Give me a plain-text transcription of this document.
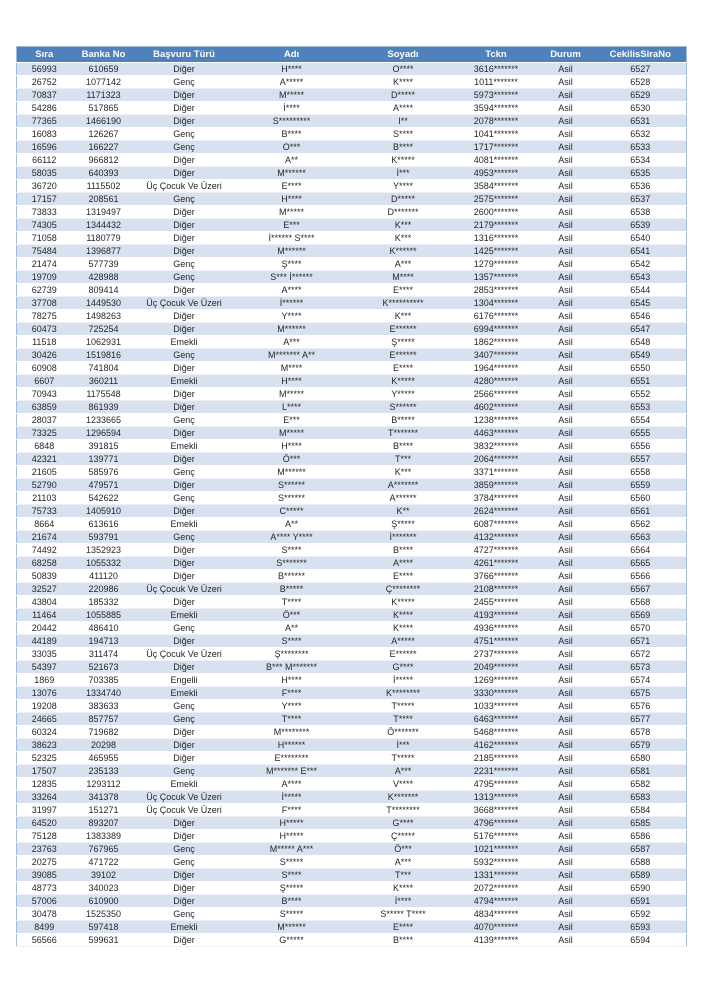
Sıra	Banka No	Başvuru Türü	Adı	Soyadı	Tckn	Durum	CekilisSiraNo
56993	610659	Diğer	H****	O****	3616*******	Asil	6527
26752	1077142	Genç	A*****	K****	1011*******	Asil	6528
70837	1171323	Diğer	M*****	D*****	5973*******	Asil	6529
54286	517865	Diğer	İ****	A****	3594*******	Asil	6530
77365	1466190	Diğer	S*********	I**	2078*******	Asil	6531
16083	126267	Genç	B****	S****	1041*******	Asil	6532
16596	166227	Genç	O***	B****	1717*******	Asil	6533
66112	966812	Diğer	A**	K*****	4081*******	Asil	6534
58035	640393	Diğer	M******	İ***	4953*******	Asil	6535
36720	1115502	Üç Çocuk Ve Üzeri	E****	Y****	3584*******	Asil	6536
17157	208561	Genç	H****	D*****	2575*******	Asil	6537
73833	1319497	Diğer	M*****	D*******	2600*******	Asil	6538
74305	1344432	Diğer	E***	K***	2179*******	Asil	6539
71058	1180779	Diğer	İ****** S****	K***	1316*******	Asil	6540
75484	1396877	Diğer	M******	K******	1425*******	Asil	6541
21474	577739	Genç	Ş****	A***	1279*******	Asil	6542
19709	428988	Genç	S*** İ******	M****	1357*******	Asil	6543
62739	809414	Diğer	A****	E****	2853*******	Asil	6544
37708	1449530	Üç Çocuk Ve Üzeri	İ******	K**********	1304*******	Asil	6545
78275	1498263	Diğer	Y****	K***	6176*******	Asil	6546
60473	725254	Diğer	M******	E******	6994*******	Asil	6547
11518	1062931	Emekli	A***	Ş*****	1862*******	Asil	6548
30426	1519816	Genç	M******* A**	E******	3407*******	Asil	6549
60908	741804	Diğer	M****	E****	1964*******	Asil	6550
6607	360211	Emekli	H****	K*****	4280*******	Asil	6551
70943	1175548	Diğer	M*****	Y*****	2566*******	Asil	6552
63859	861939	Diğer	L****	S******	4602*******	Asil	6553
28037	1233665	Genç	E***	B*****	1238*******	Asil	6554
73325	1296594	Diğer	M*****	T*******	4463*******	Asil	6555
6848	391815	Emekli	H****	B****	3832*******	Asil	6556
42321	139771	Diğer	Ö***	T***	2064*******	Asil	6557
21605	585976	Genç	M******	K***	3371*******	Asil	6558
52790	479571	Diğer	S******	A*******	3859*******	Asil	6559
21103	542622	Genç	S******	A******	3784*******	Asil	6560
75733	1405910	Diğer	C*****	K**	2624*******	Asil	6561
8664	613616	Emekli	A**	Ş*****	6087*******	Asil	6562
21674	593791	Genç	A**** Y****	İ*******	4132*******	Asil	6563
74492	1352923	Diğer	S****	B****	4727*******	Asil	6564
68258	1055332	Diğer	S*******	A****	4261*******	Asil	6565
50839	411120	Diğer	B******	E****	3766*******	Asil	6566
32527	220986	Üç Çocuk Ve Üzeri	B*****	Ç********	2108*******	Asil	6567
43804	185332	Diğer	T****	K*****	2455*******	Asil	6568
11464	1055885	Emekli	Ö***	K****	4193*******	Asil	6569
20442	486410	Genç	A**	K****	4936*******	Asil	6570
44189	194713	Diğer	S****	A*****	4751*******	Asil	6571
33035	311474	Üç Çocuk Ve Üzeri	Ş********	E******	2737*******	Asil	6572
54397	521673	Diğer	B*** M*******	G****	2049*******	Asil	6573
1869	703385	Engelli	H****	İ*****	1269*******	Asil	6574
13076	1334740	Emekli	F****	K********	3330*******	Asil	6575
19208	383633	Genç	Y****	T*****	1033*******	Asil	6576
24665	857757	Genç	T****	T****	6463*******	Asil	6577
60324	719682	Diğer	M********	Ö*******	5468*******	Asil	6578
38623	20298	Diğer	H******	İ***	4162*******	Asil	6579
52325	465955	Diğer	E********	T*****	2185*******	Asil	6580
17507	235133	Genç	M******* E***	A***	2231*******	Asil	6581
12835	1293112	Emekli	A****	V****	4795*******	Asil	6582
33264	341378	Üç Çocuk Ve Üzeri	İ*****	K*******	1313*******	Asil	6583
31997	151271	Üç Çocuk Ve Üzeri	F****	T********	3668*******	Asil	6584
64520	893207	Diğer	H*****	G****	4796*******	Asil	6585
75128	1383389	Diğer	H*****	Ç*****	5176*******	Asil	6586
23763	767965	Genç	M***** A***	Ö***	1021*******	Asil	6587
20275	471722	Genç	S*****	A***	5932*******	Asil	6588
39085	39102	Diğer	S****	T***	1331*******	Asil	6589
48773	340023	Diğer	Ş*****	K****	2072*******	Asil	6590
57006	610900	Diğer	B****	İ****	4794*******	Asil	6591
30478	1525350	Genç	S*****	S***** T****	4834*******	Asil	6592
8499	597418	Emekli	M******	E****	4070*******	Asil	6593
56566	599631	Diğer	G*****	B****	4139*******	Asil	6594
